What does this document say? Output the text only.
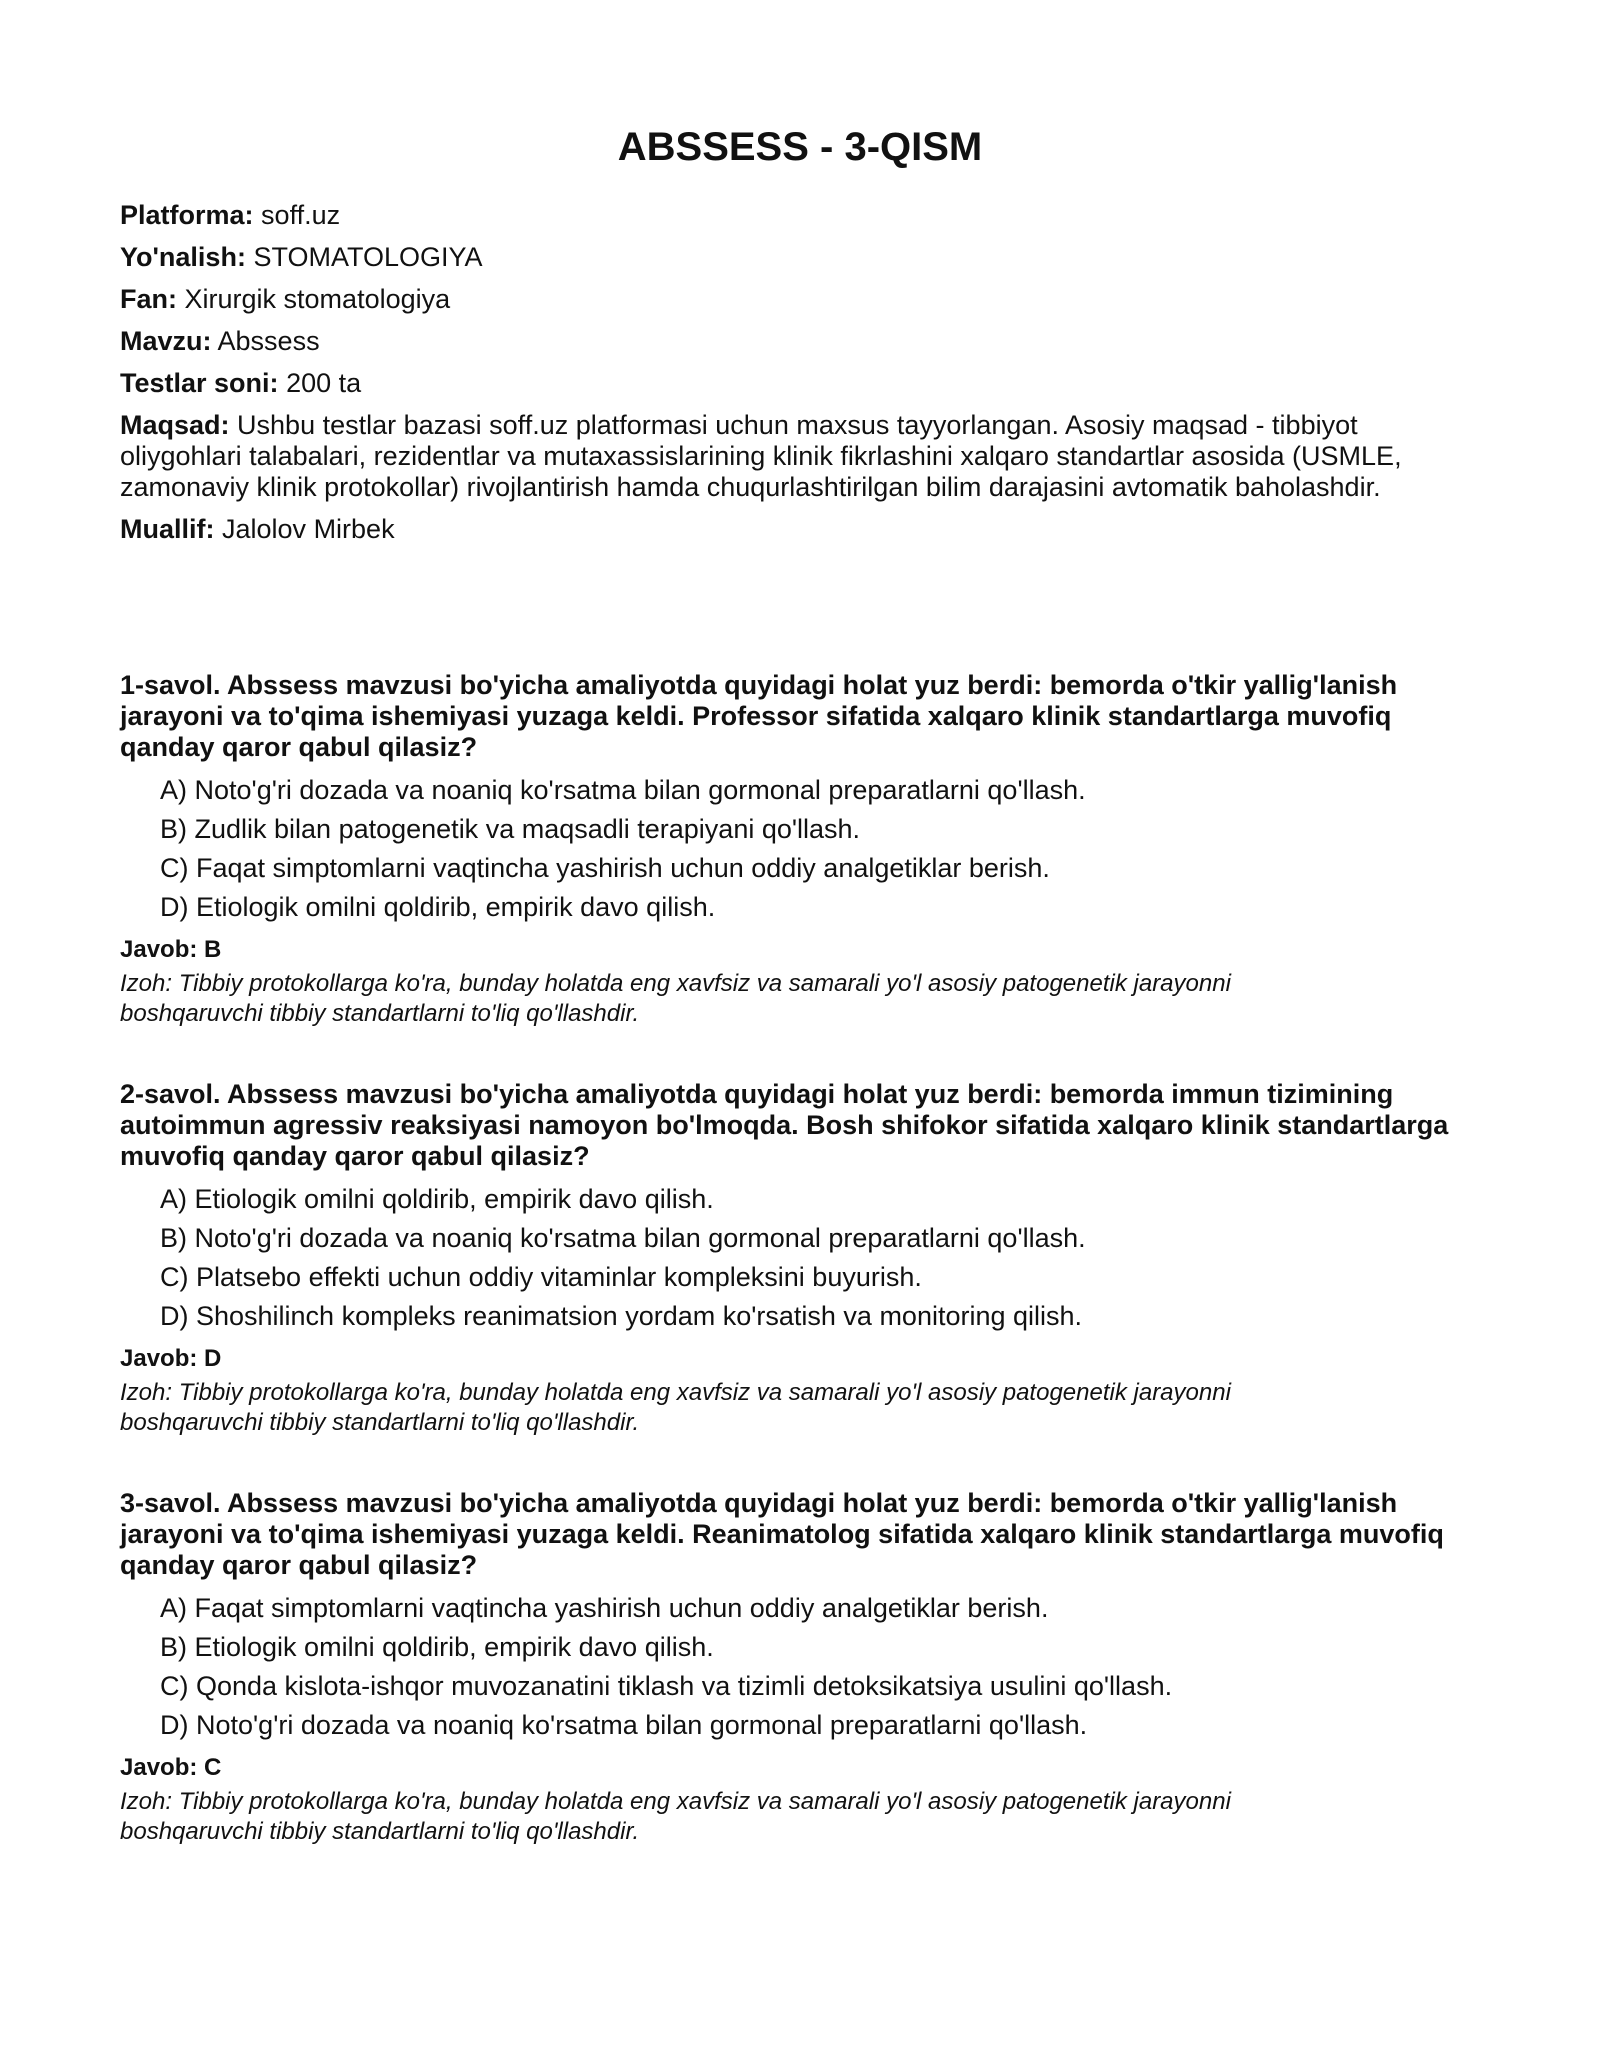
ABSSESS - 3-QISM
Platforma: soff.uz
Yo'nalish: STOMATOLOGIYA
Fan: Xirurgik stomatologiya
Mavzu: Abssess
Testlar soni: 200 ta
Maqsad: Ushbu testlar bazasi soff.uz platformasi uchun maxsus tayyorlangan. Asosiy maqsad - tibbiyot oliygohlari talabalari, rezidentlar va mutaxassislarining klinik fikrlashini xalqaro standartlar asosida (USMLE, zamonaviy klinik protokollar) rivojlantirish hamda chuqurlashtirilgan bilim darajasini avtomatik baholashdir.
Muallif: Jalolov Mirbek
1-savol. Abssess mavzusi bo'yicha amaliyotda quyidagi holat yuz berdi: bemorda o'tkir yallig'lanish jarayoni va to'qima ishemiyasi yuzaga keldi. Professor sifatida xalqaro klinik standartlarga muvofiq qanday qaror qabul qilasiz?
A) Noto'g'ri dozada va noaniq ko'rsatma bilan gormonal preparatlarni qo'llash.
B) Zudlik bilan patogenetik va maqsadli terapiyani qo'llash.
C) Faqat simptomlarni vaqtincha yashirish uchun oddiy analgetiklar berish.
D) Etiologik omilni qoldirib, empirik davo qilish.
Javob: B
Izoh: Tibbiy protokollarga ko'ra, bunday holatda eng xavfsiz va samarali yo'l asosiy patogenetik jarayonni boshqaruvchi tibbiy standartlarni to'liq qo'llashdir.
2-savol. Abssess mavzusi bo'yicha amaliyotda quyidagi holat yuz berdi: bemorda immun tizimining autoimmun agressiv reaksiyasi namoyon bo'lmoqda. Bosh shifokor sifatida xalqaro klinik standartlarga muvofiq qanday qaror qabul qilasiz?
A) Etiologik omilni qoldirib, empirik davo qilish.
B) Noto'g'ri dozada va noaniq ko'rsatma bilan gormonal preparatlarni qo'llash.
C) Platsebo effekti uchun oddiy vitaminlar kompleksini buyurish.
D) Shoshilinch kompleks reanimatsion yordam ko'rsatish va monitoring qilish.
Javob: D
Izoh: Tibbiy protokollarga ko'ra, bunday holatda eng xavfsiz va samarali yo'l asosiy patogenetik jarayonni boshqaruvchi tibbiy standartlarni to'liq qo'llashdir.
3-savol. Abssess mavzusi bo'yicha amaliyotda quyidagi holat yuz berdi: bemorda o'tkir yallig'lanish jarayoni va to'qima ishemiyasi yuzaga keldi. Reanimatolog sifatida xalqaro klinik standartlarga muvofiq qanday qaror qabul qilasiz?
A) Faqat simptomlarni vaqtincha yashirish uchun oddiy analgetiklar berish.
B) Etiologik omilni qoldirib, empirik davo qilish.
C) Qonda kislota-ishqor muvozanatini tiklash va tizimli detoksikatsiya usulini qo'llash.
D) Noto'g'ri dozada va noaniq ko'rsatma bilan gormonal preparatlarni qo'llash.
Javob: C
Izoh: Tibbiy protokollarga ko'ra, bunday holatda eng xavfsiz va samarali yo'l asosiy patogenetik jarayonni boshqaruvchi tibbiy standartlarni to'liq qo'llashdir.
